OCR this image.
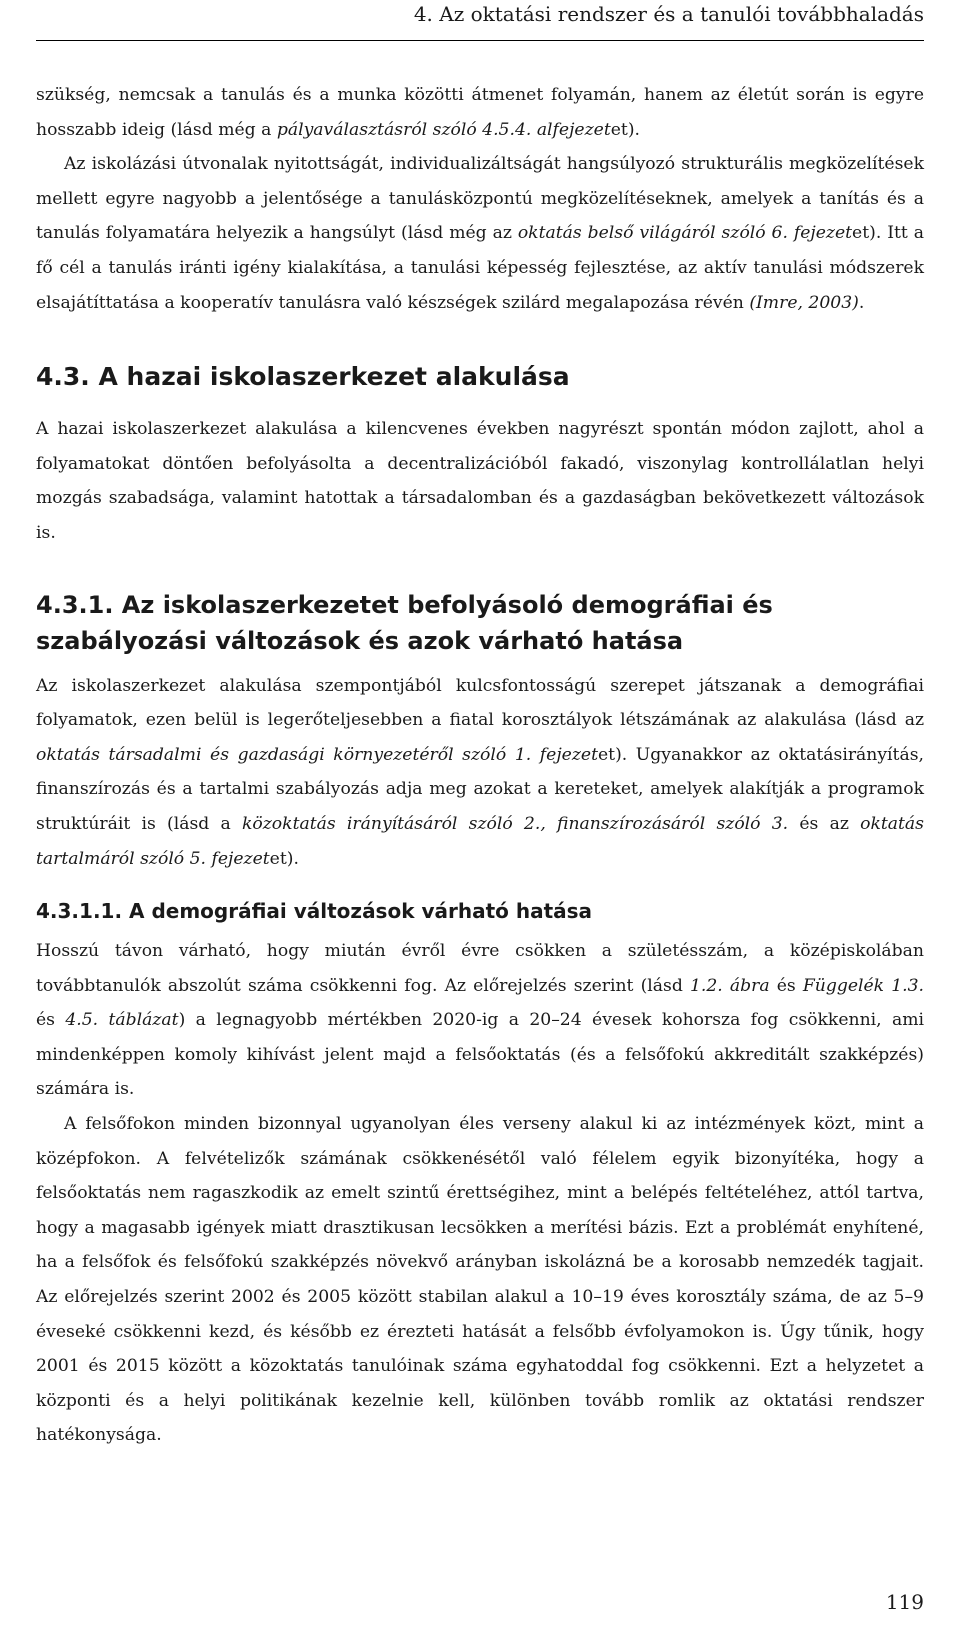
4. Az oktatási rendszer és a tanulói továbbhaladás

szükség, nemcsak a tanulás és a munka közötti átmenet folyamán, hanem az életút során is egyre hosszabb ideig (lásd még a pályaválasztásról szóló 4.5.4. alfejezetet).

Az iskolázási útvonalak nyitottságát, individualizáltságát hangsúlyozó strukturális megközelítések mellett egyre nagyobb a jelentősége a tanulásközpontú megközelítéseknek, amelyek a tanítás és a tanulás folyamatára helyezik a hangsúlyt (lásd még az oktatás belső világáról szóló 6. fejezetet). Itt a fő cél a tanulás iránti igény kialakítása, a tanulási képesség fejlesztése, az aktív tanulási módszerek elsajátíttatása a kooperatív tanulásra való készségek szilárd megalapozása révén (Imre, 2003).

4.3. A hazai iskolaszerkezet alakulása

A hazai iskolaszerkezet alakulása a kilencvenes években nagyrészt spontán módon zajlott, ahol a folyamatokat döntően befolyásolta a decentralizációból fakadó, viszonylag kontrollálatlan helyi mozgás szabadsága, valamint hatottak a társadalomban és a gazdaságban bekövetkezett változások is.

4.3.1. Az iskolaszerkezetet befolyásoló demográfiai és szabályozási változások és azok várható hatása

Az iskolaszerkezet alakulása szempontjából kulcsfontosságú szerepet játszanak a demográfiai folyamatok, ezen belül is legerőteljesebben a fiatal korosztályok létszámának az alakulása (lásd az oktatás társadalmi és gazdasági környezetéről szóló 1. fejezetet). Ugyanakkor az oktatásirányítás, finanszírozás és a tartalmi szabályozás adja meg azokat a kereteket, amelyek alakítják a programok struktúráit is (lásd a közoktatás irányításáról szóló 2., finanszírozásáról szóló 3. és az oktatás tartalmáról szóló 5. fejezetet).

4.3.1.1. A demográfiai változások várható hatása

Hosszú távon várható, hogy miután évről évre csökken a születésszám, a középiskolában továbbtanulók abszolút száma csökkenni fog. Az előrejelzés szerint (lásd 1.2. ábra és Függelék 1.3. és 4.5. táblázat) a legnagyobb mértékben 2020-ig a 20–24 évesek kohorsza fog csökkenni, ami mindenképpen komoly kihívást jelent majd a felsőoktatás (és a felsőfokú akkreditált szakképzés) számára is.

A felsőfokon minden bizonnyal ugyanolyan éles verseny alakul ki az intézmények közt, mint a középfokon. A felvételizők számának csökkenésétől való félelem egyik bizonyítéka, hogy a felsőoktatás nem ragaszkodik az emelt szintű érettségihez, mint a belépés feltételéhez, attól tartva, hogy a magasabb igények miatt drasztikusan lecsökken a merítési bázis. Ezt a problémát enyhítené, ha a felsőfok és felsőfokú szakképzés növekvő arányban iskolázná be a korosabb nemzedék tagjait. Az előrejelzés szerint 2002 és 2005 között stabilan alakul a 10–19 éves korosztály száma, de az 5–9 éveseké csökkenni kezd, és később ez érezteti hatását a felsőbb évfolyamokon is. Úgy tűnik, hogy 2001 és 2015 között a közoktatás tanulóinak száma egyhatoddal fog csökkenni. Ezt a helyzetet a központi és a helyi politikának kezelnie kell, különben tovább romlik az oktatási rendszer hatékonysága.

119
